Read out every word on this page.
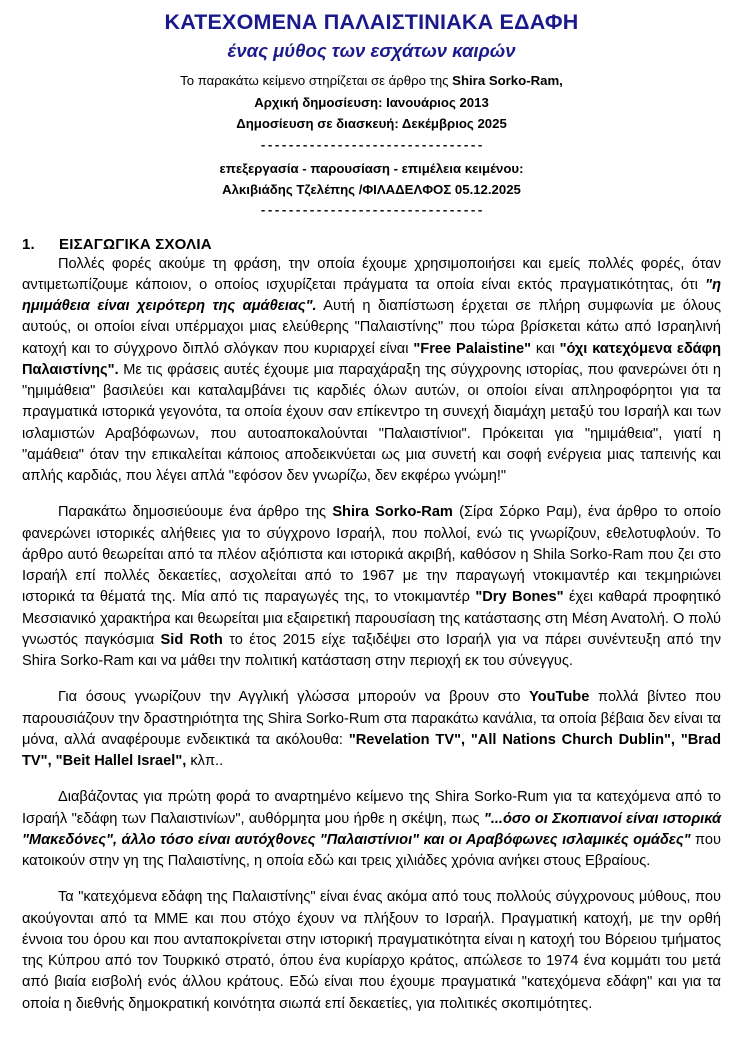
ΚΑΤΕΧΟΜΕΝΑ ΠΑΛΑΙΣΤΙΝΙΑΚΑ ΕΔΑΦΗ
ένας μύθος των εσχάτων καιρών

Το παρακάτω κείμενο στηρίζεται σε άρθρο της Shira Sorko-Ram,

Αρχική δημοσίευση: Ιανουάριος 2013

Δημοσίευση σε διασκευή: Δεκέμβριος 2025

--------------------------------

επεξεργασία - παρουσίαση - επιμέλεια κειμένου:

Αλκιβιάδης Τζελέπης /ΦΙΛΑΔΕΛΦΟΣ 05.12.2025

--------------------------------
1.	ΕΙΣΑΓΩΓΙΚΑ ΣΧΟΛΙΑ

Πολλές φορές ακούμε τη φράση, την οποία έχουμε χρησιμοποιήσει και εμείς πολλές φορές, όταν αντιμετωπίζουμε κάποιον, ο οποίος ισχυρίζεται πράγματα τα οποία είναι εκτός πραγματικότητας, ότι "η ημιμάθεια είναι χειρότερη της αμάθειας". Αυτή η διαπίστωση έρχεται σε πλήρη συμφωνία με όλους αυτούς, οι οποίοι είναι υπέρμαχοι μιας ελεύθερης "Παλαιστίνης" που τώρα βρίσκεται κάτω από Ισραηλινή κατοχή και το σύγχρονο διπλό σλόγκαν που κυριαρχεί είναι "Free Palaistine" και "όχι κατεχόμενα εδάφη Παλαιστίνης". Με τις φράσεις αυτές έχουμε μια παραχάραξη της σύγχρονης ιστορίας, που φανερώνει ότι η "ημιμάθεια" βασιλεύει και καταλαμβάνει τις καρδιές όλων αυτών, οι οποίοι είναι απληροφόρητοι για τα πραγματικά ιστορικά γεγονότα, τα οποία έχουν σαν επίκεντρο τη συνεχή διαμάχη μεταξύ του Ισραήλ και των ισλαμιστών Αραβόφωνων, που αυτοαποκαλούνται "Παλαιστίνιοι". Πρόκειται για "ημιμάθεια", γιατί η "αμάθεια" όταν την επικαλείται κάποιος αποδεικνύεται ως μια συνετή και σοφή ενέργεια μιας ταπεινής και απλής καρδιάς, που λέγει απλά "εφόσον δεν γνωρίζω, δεν εκφέρω γνώμη!"

Παρακάτω δημοσιεύουμε ένα άρθρο της Shira Sorko-Ram (Σίρα Σόρκο Ραμ), ένα άρθρο το οποίο φανερώνει ιστορικές αλήθειες για το σύγχρονο Ισραήλ, που πολλοί, ενώ τις γνωρίζουν, εθελοτυφλούν. Το άρθρο αυτό θεωρείται από τα πλέον αξιόπιστα και ιστορικά ακριβή, καθόσον η Shila Sorko-Ram που ζει στο Ισραήλ επί πολλές δεκαετίες, ασχολείται από το 1967 με την παραγωγή ντοκιμαντέρ και τεκμηριώνει ιστορικά τα θέματά της. Μία από τις παραγωγές της, το ντοκιμαντέρ "Dry Bones" έχει καθαρά προφητικό Μεσσιανικό χαρακτήρα και θεωρείται μια εξαιρετική παρουσίαση της κατάστασης στη Μέση Ανατολή. Ο πολύ γνωστός παγκόσμια Sid Roth το έτος 2015 είχε ταξιδέψει στο Ισραήλ για να πάρει συνέντευξη από την Shira Sorko-Ram και να μάθει την πολιτική κατάσταση στην περιοχή εκ του σύνεγγυς.

Για όσους γνωρίζουν την Αγγλική γλώσσα μπορούν να βρουν στο YouTube πολλά βίντεο που παρουσιάζουν την δραστηριότητα της Shira Sorko-Rum στα παρακάτω κανάλια, τα οποία βέβαια δεν είναι τα μόνα, αλλά αναφέρουμε ενδεικτικά τα ακόλουθα: "Revelation TV", "All Nations Church Dublin", "Brad TV", "Beit Hallel Israel", κλπ..

Διαβάζοντας για πρώτη φορά το αναρτημένο κείμενο της Shira Sorko-Rum για τα κατεχόμενα από το Ισραήλ "εδάφη των Παλαιστινίων", αυθόρμητα μου ήρθε η σκέψη, πως "...όσο οι Σκοπιανοί είναι ιστορικά "Μακεδόνες", άλλο τόσο είναι αυτόχθονες "Παλαιστίνιοι" και οι Αραβόφωνες ισλαμικές ομάδες" που κατοικούν στην γη της Παλαιστίνης, η οποία εδώ και τρεις χιλιάδες χρόνια ανήκει στους Εβραίους.

Τα "κατεχόμενα εδάφη της Παλαιστίνης" είναι ένας ακόμα από τους πολλούς σύγχρονους μύθους, που ακούγονται από τα ΜΜΕ και που στόχο έχουν να πλήξουν το Ισραήλ. Πραγματική κατοχή, με την ορθή έννοια του όρου και που ανταποκρίνεται στην ιστορική πραγματικότητα είναι η κατοχή του Βόρειου τμήματος της Κύπρου από τον Τουρκικό στρατό, όπου ένα κυρίαρχο κράτος, απώλεσε το 1974 ένα κομμάτι του μετά από βιαία εισβολή ενός άλλου κράτους. Εδώ είναι που έχουμε πραγματικά "κατεχόμενα εδάφη" και για τα οποία η διεθνής δημοκρατική κοινότητα σιωπά επί δεκαετίες, για πολιτικές σκοπιμότητες.
